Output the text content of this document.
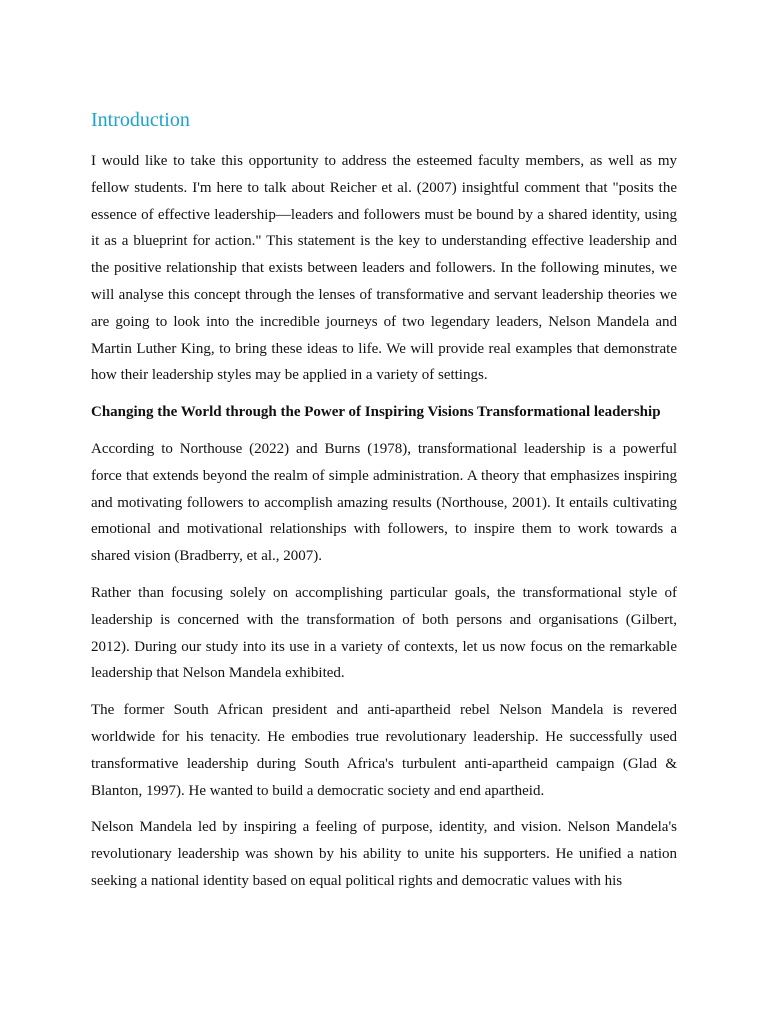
Introduction

I would like to take this opportunity to address the esteemed faculty members, as well as my fellow students. I'm here to talk about Reicher et al. (2007) insightful comment that "posits the essence of effective leadership—leaders and followers must be bound by a shared identity, using it as a blueprint for action." This statement is the key to understanding effective leadership and the positive relationship that exists between leaders and followers. In the following minutes, we will analyse this concept through the lenses of transformative and servant leadership theories we are going to look into the incredible journeys of two legendary leaders, Nelson Mandela and Martin Luther King, to bring these ideas to life. We will provide real examples that demonstrate how their leadership styles may be applied in a variety of settings.

Changing the World through the Power of Inspiring Visions Transformational leadership

According to Northouse (2022) and Burns (1978), transformational leadership is a powerful force that extends beyond the realm of simple administration. A theory that emphasizes inspiring and motivating followers to accomplish amazing results (Northouse, 2001). It entails cultivating emotional and motivational relationships with followers, to inspire them to work towards a shared vision (Bradberry, et al., 2007).

Rather than focusing solely on accomplishing particular goals, the transformational style of leadership is concerned with the transformation of both persons and organisations (Gilbert, 2012). During our study into its use in a variety of contexts, let us now focus on the remarkable leadership that Nelson Mandela exhibited.

The former South African president and anti-apartheid rebel Nelson Mandela is revered worldwide for his tenacity. He embodies true revolutionary leadership. He successfully used transformative leadership during South Africa's turbulent anti-apartheid campaign (Glad & Blanton, 1997). He wanted to build a democratic society and end apartheid.

Nelson Mandela led by inspiring a feeling of purpose, identity, and vision. Nelson Mandela's revolutionary leadership was shown by his ability to unite his supporters. He unified a nation seeking a national identity based on equal political rights and democratic values with his
